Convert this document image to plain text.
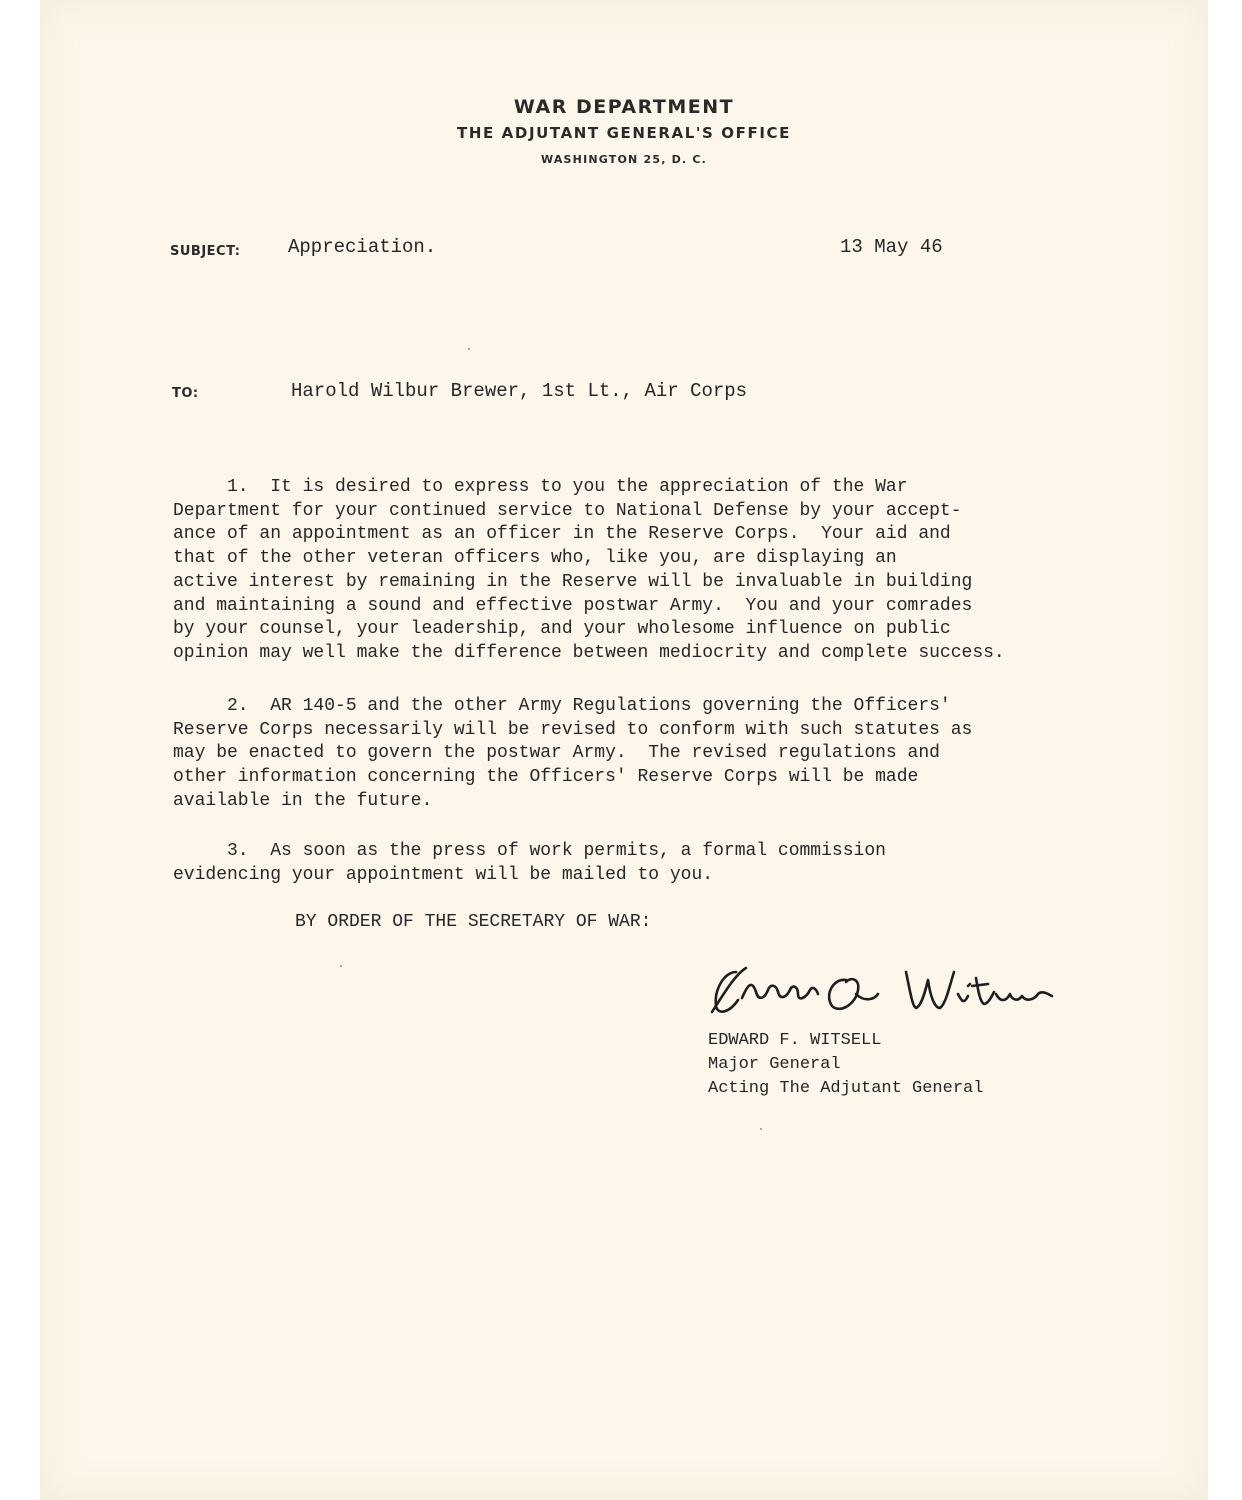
WAR DEPARTMENT
THE ADJUTANT GENERAL'S OFFICE
WASHINGTON 25, D. C.
SUBJECT:	Appreciation.	13 May 46
TO:	Harold Wilbur Brewer, 1st Lt., Air Corps
1.  It is desired to express to you the appreciation of the War
Department for your continued service to National Defense by your accept-
ance of an appointment as an officer in the Reserve Corps.  Your aid and
that of the other veteran officers who, like you, are displaying an
active interest by remaining in the Reserve will be invaluable in building
and maintaining a sound and effective postwar Army.  You and your comrades
by your counsel, your leadership, and your wholesome influence on public
opinion may well make the difference between mediocrity and complete success.
2.  AR 140-5 and the other Army Regulations governing the Officers'
Reserve Corps necessarily will be revised to conform with such statutes as
may be enacted to govern the postwar Army.  The revised regulations and
other information concerning the Officers' Reserve Corps will be made
available in the future.
3.  As soon as the press of work permits, a formal commission
evidencing your appointment will be mailed to you.
BY ORDER OF THE SECRETARY OF WAR:
EDWARD F. WITSELL
Major General
Acting The Adjutant General
